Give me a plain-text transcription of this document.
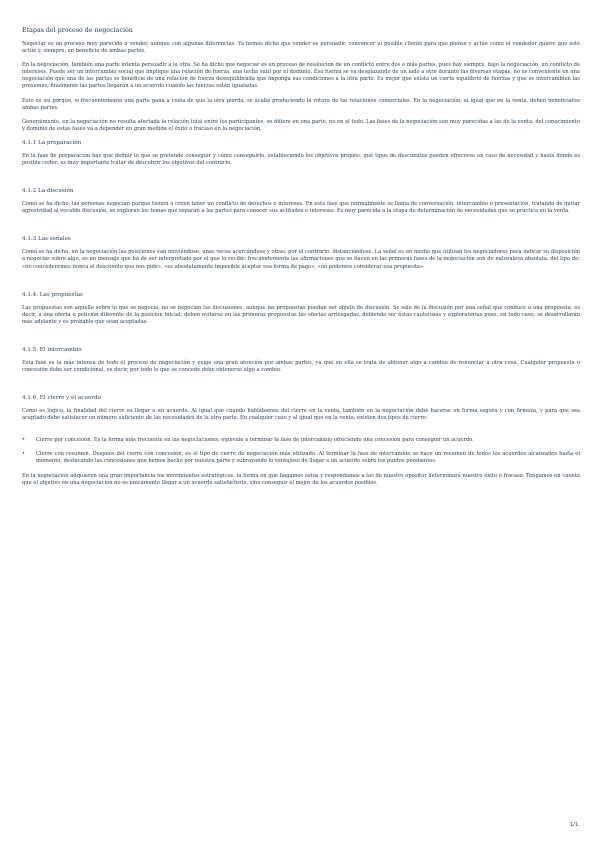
Etapas del proceso de negociación

Negociar es un proceso muy parecido a vender, aunque con algunas diferencias. Ya hemos dicho que vender es persuadir, convencer al posible cliente para que piense y actúe como el vendedor quiere que éste actúe y, siempre, en beneficio de ambas partes.

En la negociación, también una parte intenta persuadir a la otra. Se ha dicho que negociar es un proceso de resolución de un conflicto entre dos o más partes, pues hay siempre, bajo la negociación, un conflicto de intereses. Puede ser un intercambio social que implique una relación de fuerza, una lucha sutil por el dominio. Esa fuerza se va desplazando de un lado a otro durante las diversas etapas, no es conveniente en una negociación que una de las partes se beneficie de una relación de fuerza desequilibrada que imponga sus condiciones a la otra parte. Es mejor que exista un cierto equilibrio de fuerzas y que se intercambien las presiones, finalmente las partes llegarán a un acuerdo cuando las fuerzas estén igualadas.

Esto es así porque, si frecuentemente una parte gana a costa de que la otra pierda, se acaba produciendo la rotura de las relaciones comerciales. En la negociación, al igual que en la venta, deben beneficiarse ambas partes.

Generalmente, en la negociación no resulta afectada la relación total entre los participantes, se difiere en una parte, no en el todo. Las fases de la negociación son muy parecidas a las de la venta; del conocimiento y dominio de estas fases va a depender en gran medida el éxito o fracaso en la negociación.

4.1.1 La preparación

En la fase de preparación hay que definir lo que se pretende conseguir y cómo conseguirlo, estableciendo los objetivos propios, qué tipos de descuentos pueden ofrecerse en caso de necesidad y hasta dónde es posible ceder; es muy importante tratar de descubrir los objetivos del contrario.

4.1.2 La discusión

Como se ha dicho, las personas negocian porque tienen o creen tener un conflicto de derechos o intereses. En esta fase que normalmente se llama de conversación, intercambio o presentación, tratando de quitar agresividad al vocablo discusión, se exploran los temas que separan a las partes para conocer sus actitudes e intereses. Es muy parecida a la etapa de determinación de necesidades que se practica en la venta.

4.1.3 Las señales

Como se ha dicho, en la negociación las posiciones van moviéndose, unas veces acercándose y otras, por el contrario, distanciándose. La señal es un medio que utilizan los negociadores para indicar su disposición a negociar sobre algo, es un mensaje que ha de ser interpretado por el que lo recibe; frecuentemente las afirmaciones que se hacen en las primeras fases de la negociación son de naturaleza absoluta, del tipo de: «no concederemos nunca el descuento que nos pide», «es absolutamente imposible aceptar esa forma de pago», «no podemos considerar esa propuesta».

4.1.4. Las propuestas

Las propuestas son aquello sobre lo que se negocia, no se negocian las discusiones, aunque las propuestas puedan ser objeto de discusión. Se sale de la discusión por una señal que conduce a una propuesta, es decir, a una oferta o petición diferente de la posición inicial; deben evitarse en las primeras propuestas las ofertas arriesgadas, debiendo ser éstas cautelosas y exploratorias pues, en todo caso, se desarrollarán más adelante y es probable que sean aceptadas.

4.1.5. El intercambio

Esta fase es la más intensa de todo el proceso de negociación y exige una gran atención por ambas partes, ya que en ella se trata de obtener algo a cambio de renunciar a otra cosa. Cualquier propuesta o concesión debe ser condicional, es decir, por todo lo que se concede debe obtenerse algo a cambio.

4.1.6. El cierre y el acuerdo

Como es lógico, la finalidad del cierre es llegar a un acuerdo. Al igual que cuando hablábamos del cierre en la venta, también en la negociación debe hacerse en forma segura y con firmeza, y para que sea aceptado debe satisfacer un número suficiente de las necesidades de la otra parte. En cualquier caso y al igual que en la venta, existen dos tipos de cierre:

•	Cierre por concesión. Es la forma más frecuente en las negociaciones; equivale a terminar la fase de intercambio ofreciendo una concesión para conseguir un acuerdo.
•	Cierre con resumen. Después del cierre con concesión, es el tipo de cierre de negociación más utilizado. Al terminar la fase de intercambio se hace un resumen de todos los acuerdos alcanzados hasta el momento, destacando las concesiones que hemos hecho por nuestra parte y subrayando lo ventajoso de llegar a un acuerdo sobre los puntos pendientes.

En la negociación adquieren una gran importancia los movimientos estratégicos, la forma en que hagamos éstos y respondamos a los de nuestro opositor determinará nuestro éxito o fracaso. Tengamos en cuenta que el objetivo en una negociación no es únicamente llegar a un acuerdo satisfactorio, sino conseguir el mejor de los acuerdos posibles.

1/1
